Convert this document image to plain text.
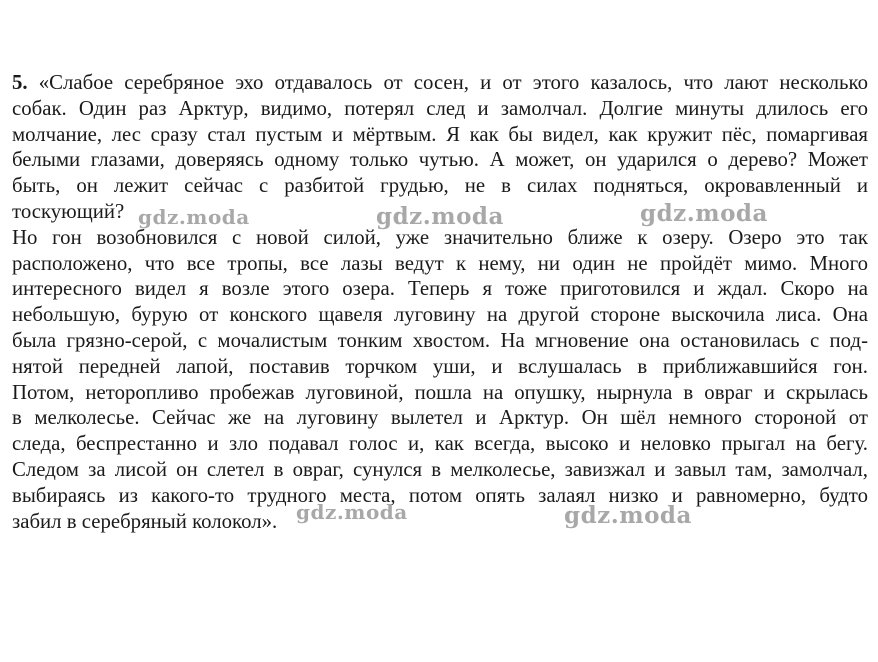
5. «Слабое серебряное эхо отдавалось от сосен, и от этого казалось, что лают несколько
собак. Один раз Арктур, видимо, потерял след и замолчал. Долгие минуты длилось его
молчание, лес сразу стал пустым и мёртвым. Я как бы видел, как кружит пёс, помаргивая
белыми глазами, доверяясь одному только чутью. А может, он ударился о дерево? Может
быть, он лежит сейчас с разбитой грудью, не в силах подняться, окровавленный и
тоскующий?
Но гон возобновился с новой силой, уже значительно ближе к озеру. Озеро это так
расположено, что все тропы, все лазы ведут к нему, ни один не пройдёт мимо. Много
интересного видел я возле этого озера. Теперь я тоже приготовился и ждал. Скоро на
небольшую, бурую от конского щавеля луговину на другой стороне выскочила лиса. Она
была грязно-серой, с мочалистым тонким хвостом. На мгновение она остановилась с под-
нятой передней лапой, поставив торчком уши, и вслушалась в приближавшийся гон.
Потом, неторопливо пробежав луговиной, пошла на опушку, нырнула в овраг и скрылась
в мелколесье. Сейчас же на луговину вылетел и Арктур. Он шёл немного стороной от
следа, беспрестанно и зло подавал голос и, как всегда, высоко и неловко прыгал на бегу.
Следом за лисой он слетел в овраг, сунулся в мелколесье, завизжал и завыл там, замолчал,
выбираясь из какого-то трудного места, потом опять залаял низко и равномерно, будто
забил в серебряный колокол».
gdz.moda	gdz.moda	gdz.moda
gdz.moda	gdz.moda
